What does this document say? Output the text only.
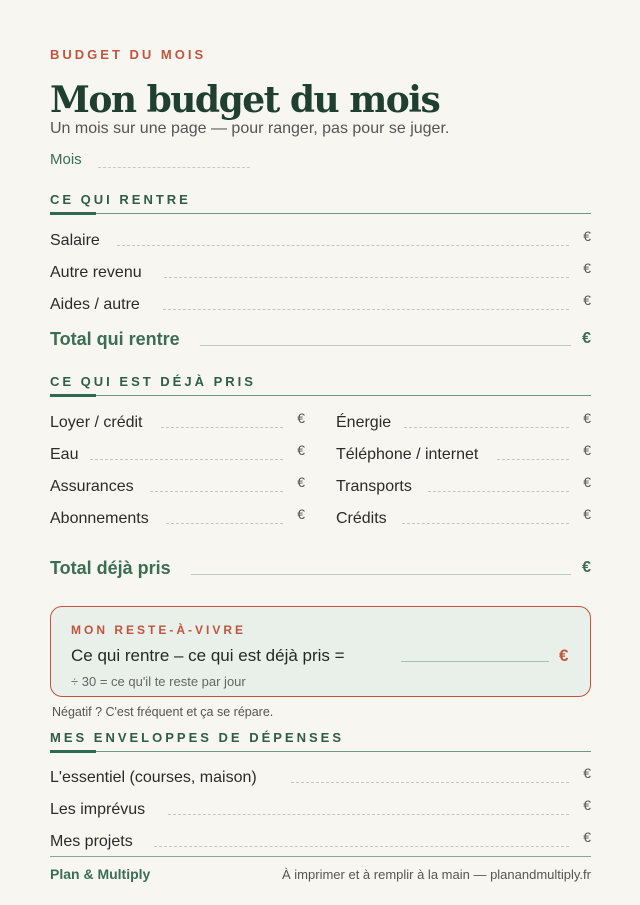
BUDGET DU MOIS
Mon budget du mois
Un mois sur une page — pour ranger, pas pour se juger.
Mois
CE QUI RENTRE
Salaire	€
Autre revenu	€
Aides / autre	€
Total qui rentre	€
CE QUI EST DÉJÀ PRIS
Loyer / crédit	€
Eau	€
Assurances	€
Abonnements	€
Énergie	€
Téléphone / internet	€
Transports	€
Crédits	€
Total déjà pris	€
MON RESTE-À-VIVRE
Ce qui rentre – ce qui est déjà pris =	€
÷ 30 = ce qu'il te reste par jour
Négatif ? C'est fréquent et ça se répare.
MES ENVELOPPES DE DÉPENSES
L'essentiel (courses, maison)	€
Les imprévus	€
Mes projets	€
Plan & Multiply	À imprimer et à remplir à la main — planandmultiply.fr
